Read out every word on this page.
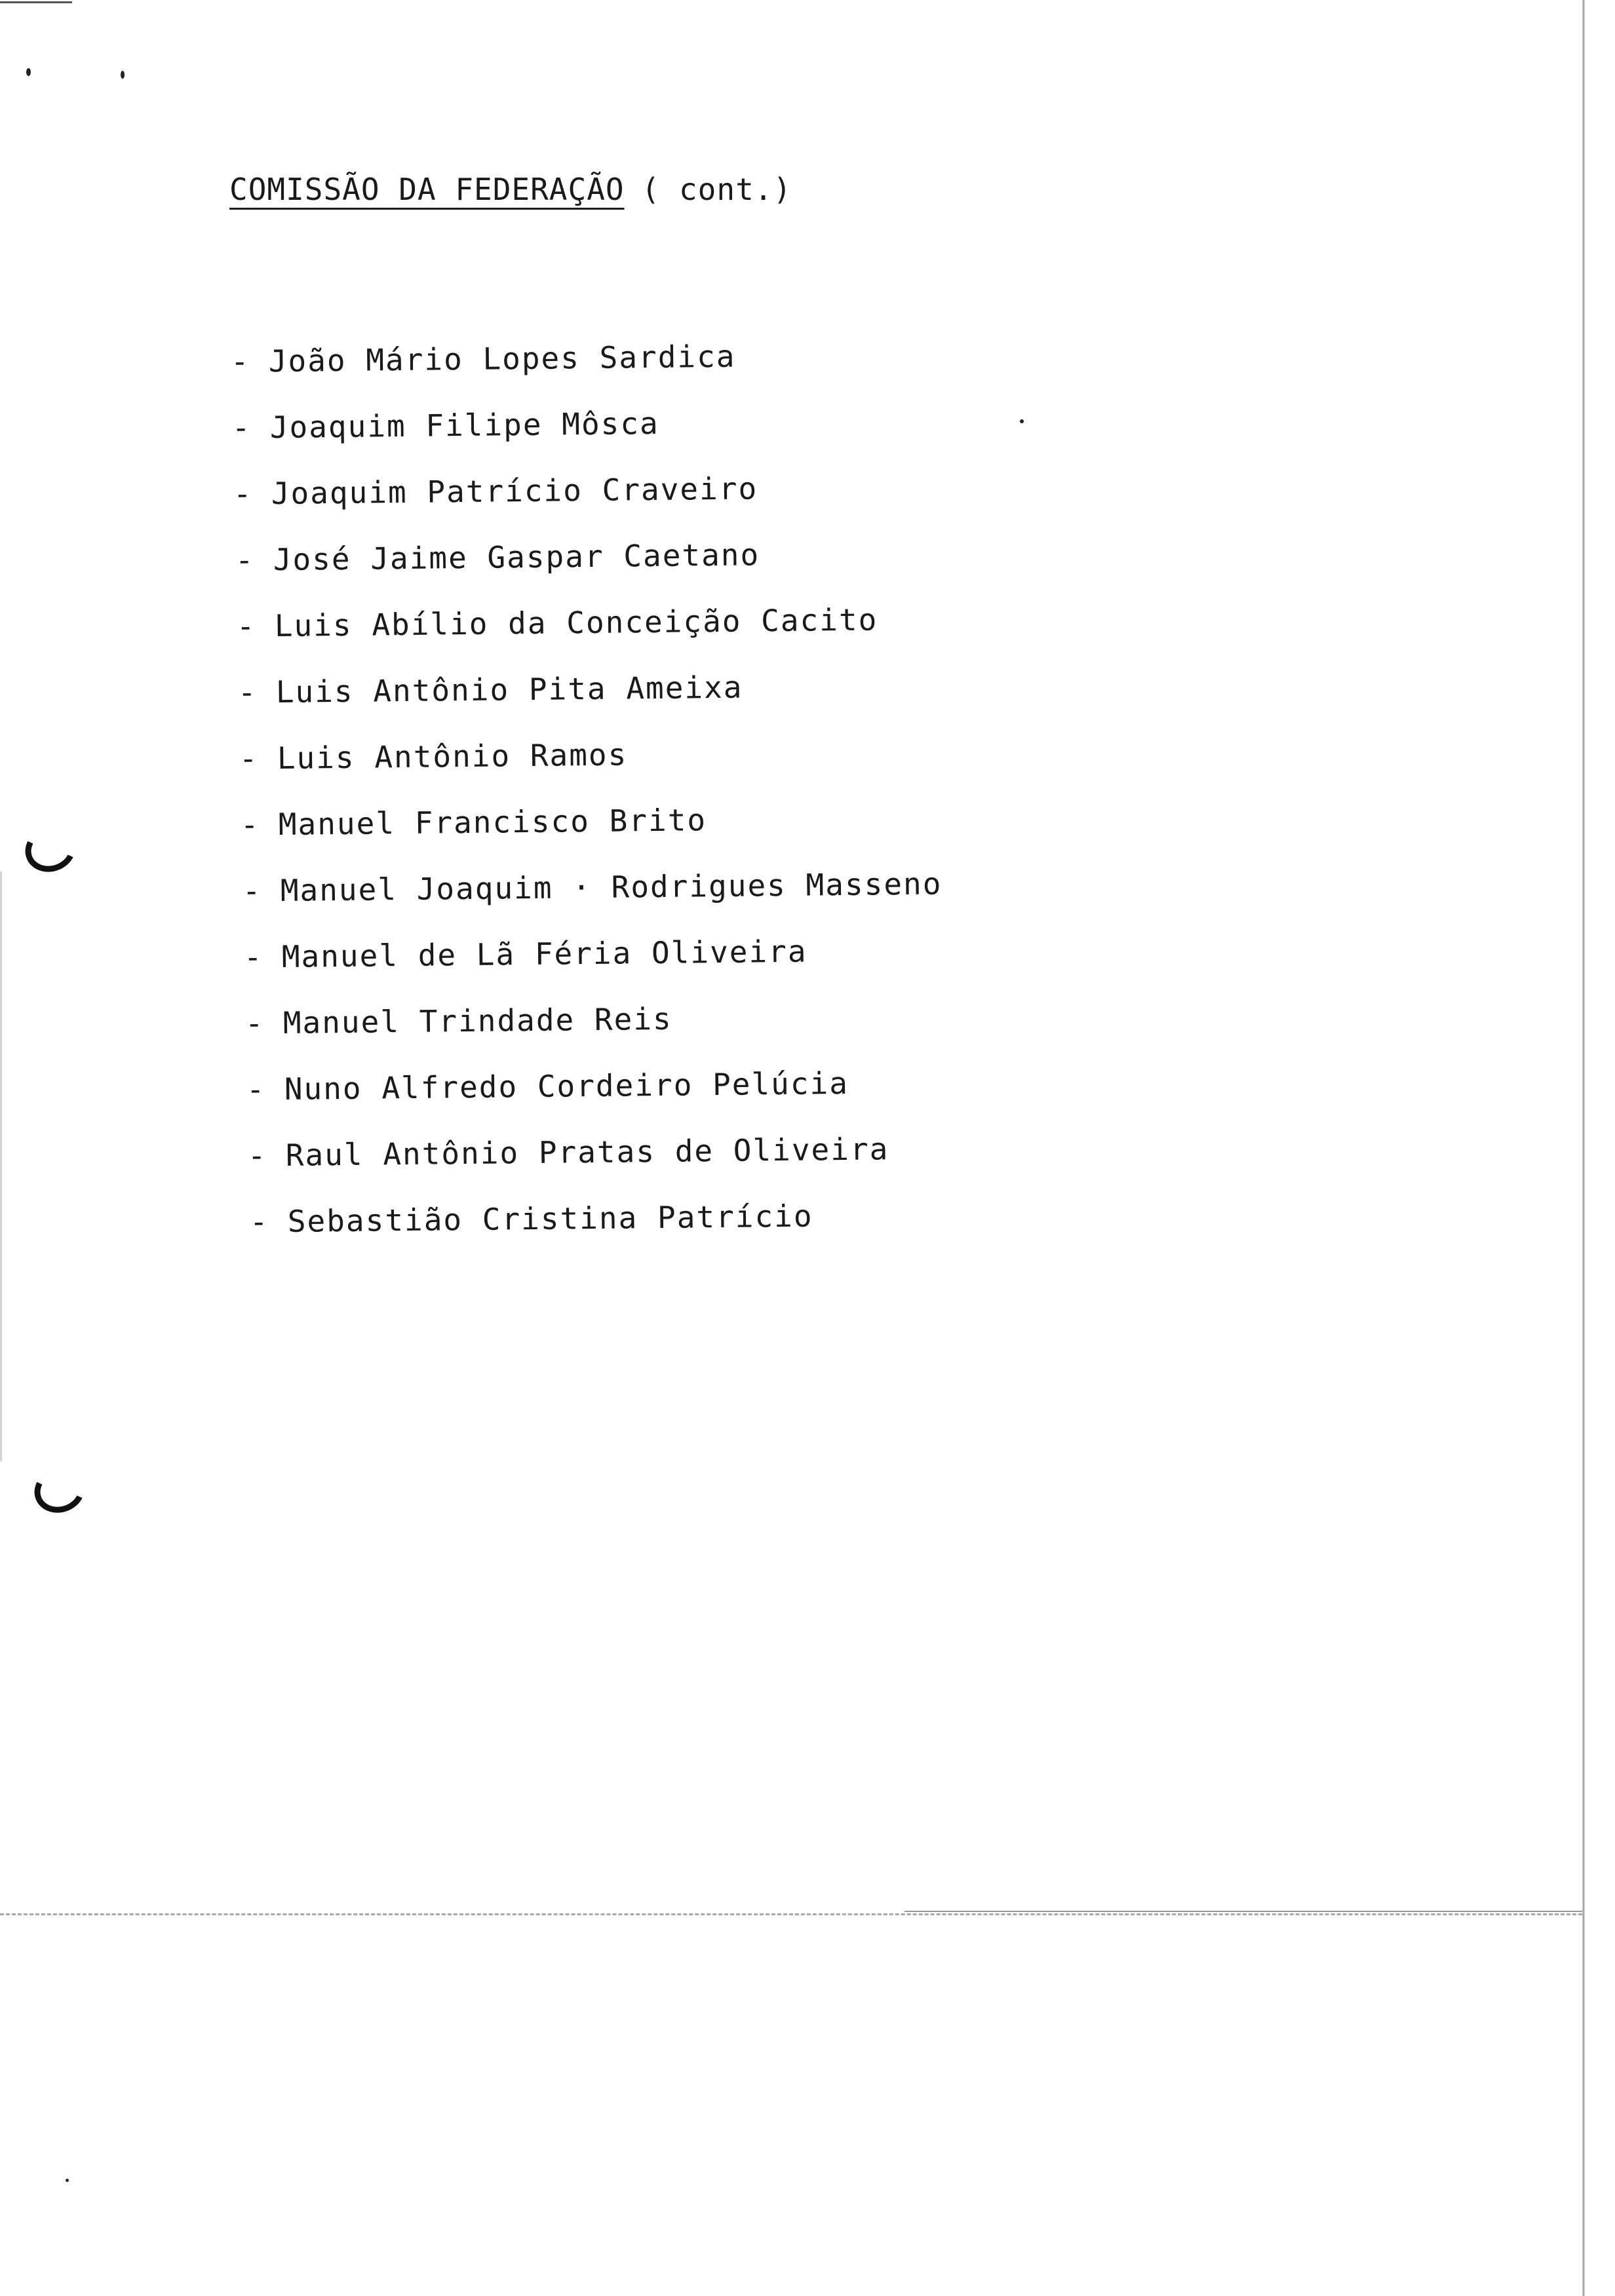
COMISSÃO DA FEDERAÇÃO ( cont.)
- João Mário Lopes Sardica
- Joaquim Filipe Môsca
- Joaquim Patrício Craveiro
- José Jaime Gaspar Caetano
- Luis Abílio da Conceição Cacito
- Luis Antônio Pita Ameixa
- Luis Antônio Ramos
- Manuel Francisco Brito
- Manuel Joaquim · Rodrigues Masseno
- Manuel de Lã Féria Oliveira
- Manuel Trindade Reis
- Nuno Alfredo Cordeiro Pelúcia
- Raul Antônio Pratas de Oliveira
- Sebastião Cristina Patrício
